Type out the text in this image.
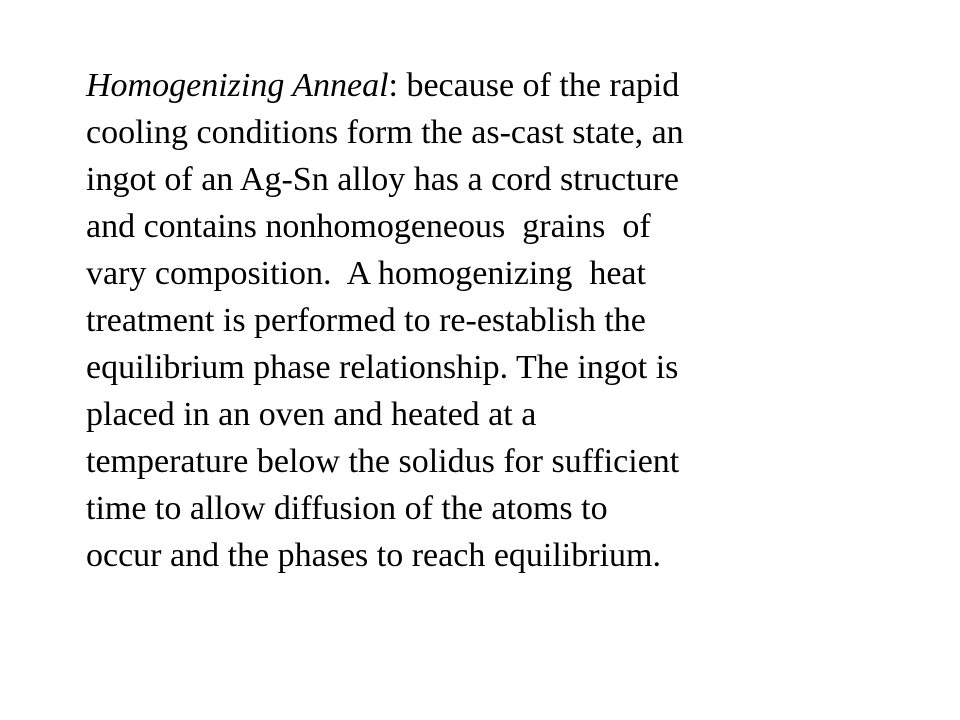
Homogenizing Anneal: because of the rapid
cooling conditions form the as-cast state, an
ingot of an Ag-Sn alloy has a cord structure
and contains nonhomogeneous  grains  of
vary composition.  A homogenizing  heat
treatment is performed to re-establish the
equilibrium phase relationship. The ingot is
placed in an oven and heated at a
temperature below the solidus for sufficient
time to allow diffusion of the atoms to
occur and the phases to reach equilibrium.
